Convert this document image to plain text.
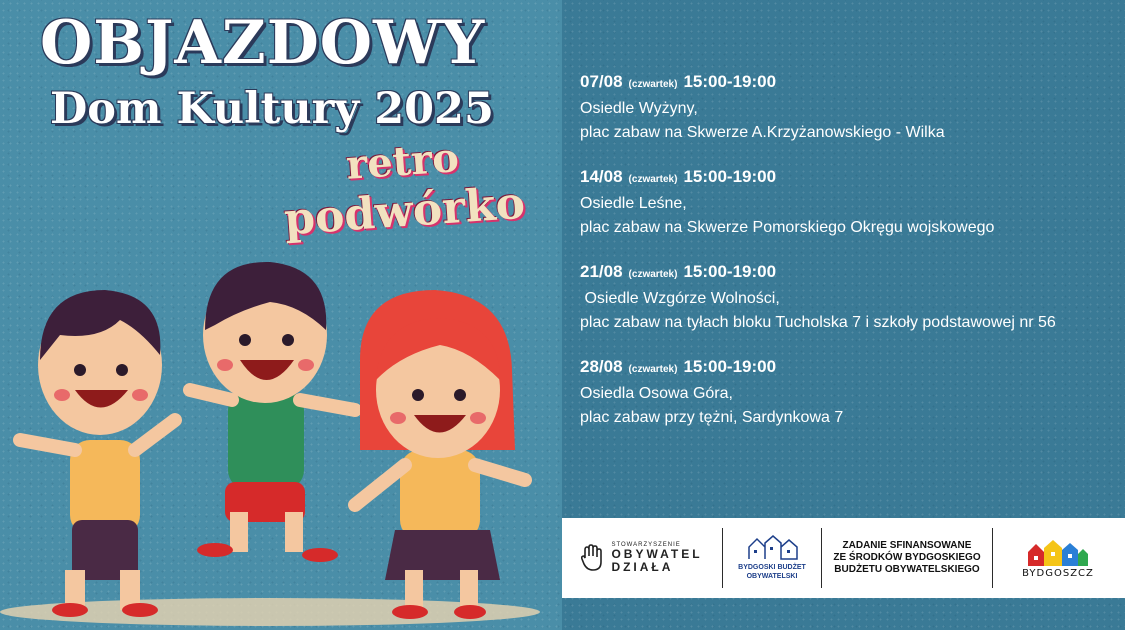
OBJAZDOWY
Dom Kultury 2025
retro
podwórko
07/08 (czwartek) 15:00-19:00
Osiedle Wyżyny,
plac zabaw na Skwerze A.Krzyżanowskiego - Wilka
14/08 (czwartek) 15:00-19:00
Osiedle Leśne,
plac zabaw na Skwerze Pomorskiego Okręgu wojskowego
21/08 (czwartek) 15:00-19:00
Osiedle Wzgórze Wolności,
plac zabaw na tyłach bloku Tucholska 7 i szkoły podstawowej nr 56
28/08 (czwartek) 15:00-19:00
Osiedla Osowa Góra,
plac zabaw przy tężni, Sardynkowa 7
STOWARZYSZENIE
OBYWATEL
DZIAŁA	BYDGOSKI BUDŻET
OBYWATELSKI
ZADANIE SFINANSOWANE
ZE ŚRODKÓW BYDGOSKIEGO
BUDŻETU OBYWATELSKIEGO	BYDGOSZCZ
